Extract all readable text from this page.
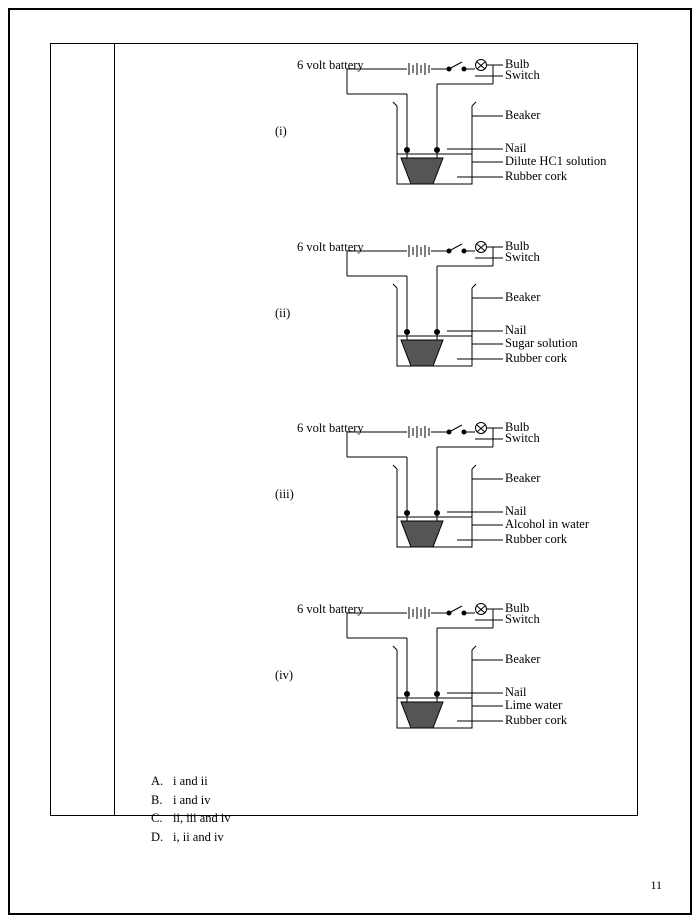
(i)
6 volt battery	Bulb
Switch
Beaker
Nail
Dilute HC1 solution
Rubber cork
(ii)
6 volt battery	Bulb
Switch
Beaker
Nail
Sugar solution
Rubber cork
(iii)
6 volt battery	Bulb
Switch
Beaker
Nail
Alcohol in water
Rubber cork
(iv)
6 volt battery	Bulb
Switch
Beaker
Nail
Lime water
Rubber cork
A. i and ii
B. i and iv
C. ii, iii and iv
D. i, ii and iv
11
